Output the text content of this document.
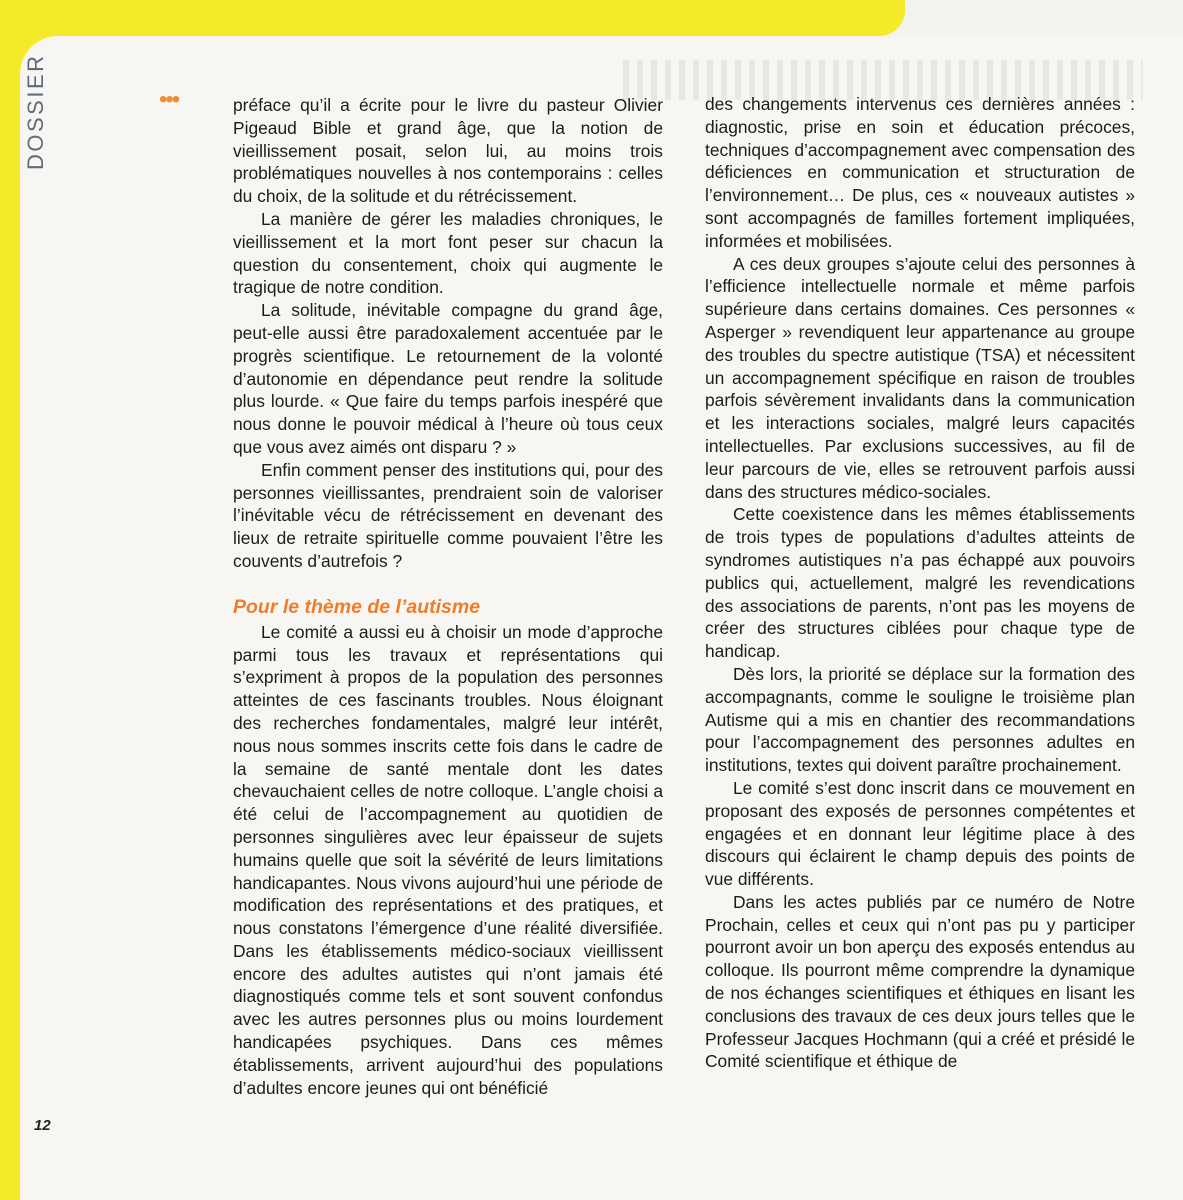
DOSSIER	•••	préface qu’il a écrite pour le livre du pasteur Olivier Pigeaud Bible et grand âge, que la notion de vieillissement posait, selon lui, au moins trois problématiques nouvelles à nos contemporains : celles du choix, de la solitude et du rétrécissement.

La manière de gérer les maladies chroniques, le vieillissement et la mort font peser sur chacun la question du consentement, choix qui augmente le tragique de notre condition.

La solitude, inévitable compagne du grand âge, peut-elle aussi être paradoxalement accentuée par le progrès scientifique. Le retournement de la volonté d’autonomie en dépendance peut rendre la solitude plus lourde. « Que faire du temps parfois inespéré que nous donne le pouvoir médical à l’heure où tous ceux que vous avez aimés ont disparu ? »

Enfin comment penser des institutions qui, pour des personnes vieillissantes, prendraient soin de valoriser l’inévitable vécu de rétrécissement en devenant des lieux de retraite spirituelle comme pouvaient l’être les couvents d’autrefois ?

Pour le thème de l’autisme

Le comité a aussi eu à choisir un mode d’approche parmi tous les travaux et représentations qui s’expriment à propos de la population des personnes atteintes de ces fascinants troubles. Nous éloignant des recherches fondamentales, malgré leur intérêt, nous nous sommes inscrits cette fois dans le cadre de la semaine de santé mentale dont les dates chevauchaient celles de notre colloque. L’angle choisi a été celui de l’accompagnement au quotidien de personnes singulières avec leur épaisseur de sujets humains quelle que soit la sévérité de leurs limitations handicapantes. Nous vivons aujourd’hui une période de modification des représentations et des pratiques, et nous constatons l’émergence d’une réalité diversifiée. Dans les établissements médico-sociaux vieillissent encore des adultes autistes qui n’ont jamais été diagnostiqués comme tels et sont souvent confondus avec les autres personnes plus ou moins lourdement handicapées psychiques. Dans ces mêmes établissements, arrivent aujourd’hui des populations d’adultes encore jeunes qui ont bénéficié

des changements intervenus ces dernières années : diagnostic, prise en soin et éducation précoces, techniques d’accompagnement avec compensation des déficiences en communication et structuration de l’environnement… De plus, ces « nouveaux autistes » sont accompagnés de familles fortement impliquées, informées et mobilisées.

A ces deux groupes s’ajoute celui des personnes à l’efficience intellectuelle normale et même parfois supérieure dans certains domaines. Ces personnes « Asperger » revendiquent leur appartenance au groupe des troubles du spectre autistique (TSA) et nécessitent un accompagnement spécifique en raison de troubles parfois sévèrement invalidants dans la communication et les interactions sociales, malgré leurs capacités intellectuelles. Par exclusions successives, au fil de leur parcours de vie, elles se retrouvent parfois aussi dans des structures médico-sociales.

Cette coexistence dans les mêmes établissements de trois types de populations d’adultes atteints de syndromes autistiques n’a pas échappé aux pouvoirs publics qui, actuellement, malgré les revendications des associations de parents, n’ont pas les moyens de créer des structures ciblées pour chaque type de handicap.

Dès lors, la priorité se déplace sur la formation des accompagnants, comme le souligne le troisième plan Autisme qui a mis en chantier des recommandations pour l’accompagnement des personnes adultes en institutions, textes qui doivent paraître prochainement.

Le comité s’est donc inscrit dans ce mouvement en proposant des exposés de personnes compétentes et engagées et en donnant leur légitime place à des discours qui éclairent le champ depuis des points de vue différents.

Dans les actes publiés par ce numéro de Notre Prochain, celles et ceux qui n’ont pas pu y participer pourront avoir un bon aperçu des exposés entendus au colloque. Ils pourront même comprendre la dynamique de nos échanges scientifiques et éthiques en lisant les conclusions des travaux de ces deux jours telles que le Professeur Jacques Hochmann (qui a créé et présidé le Comité scientifique et éthique de

12
